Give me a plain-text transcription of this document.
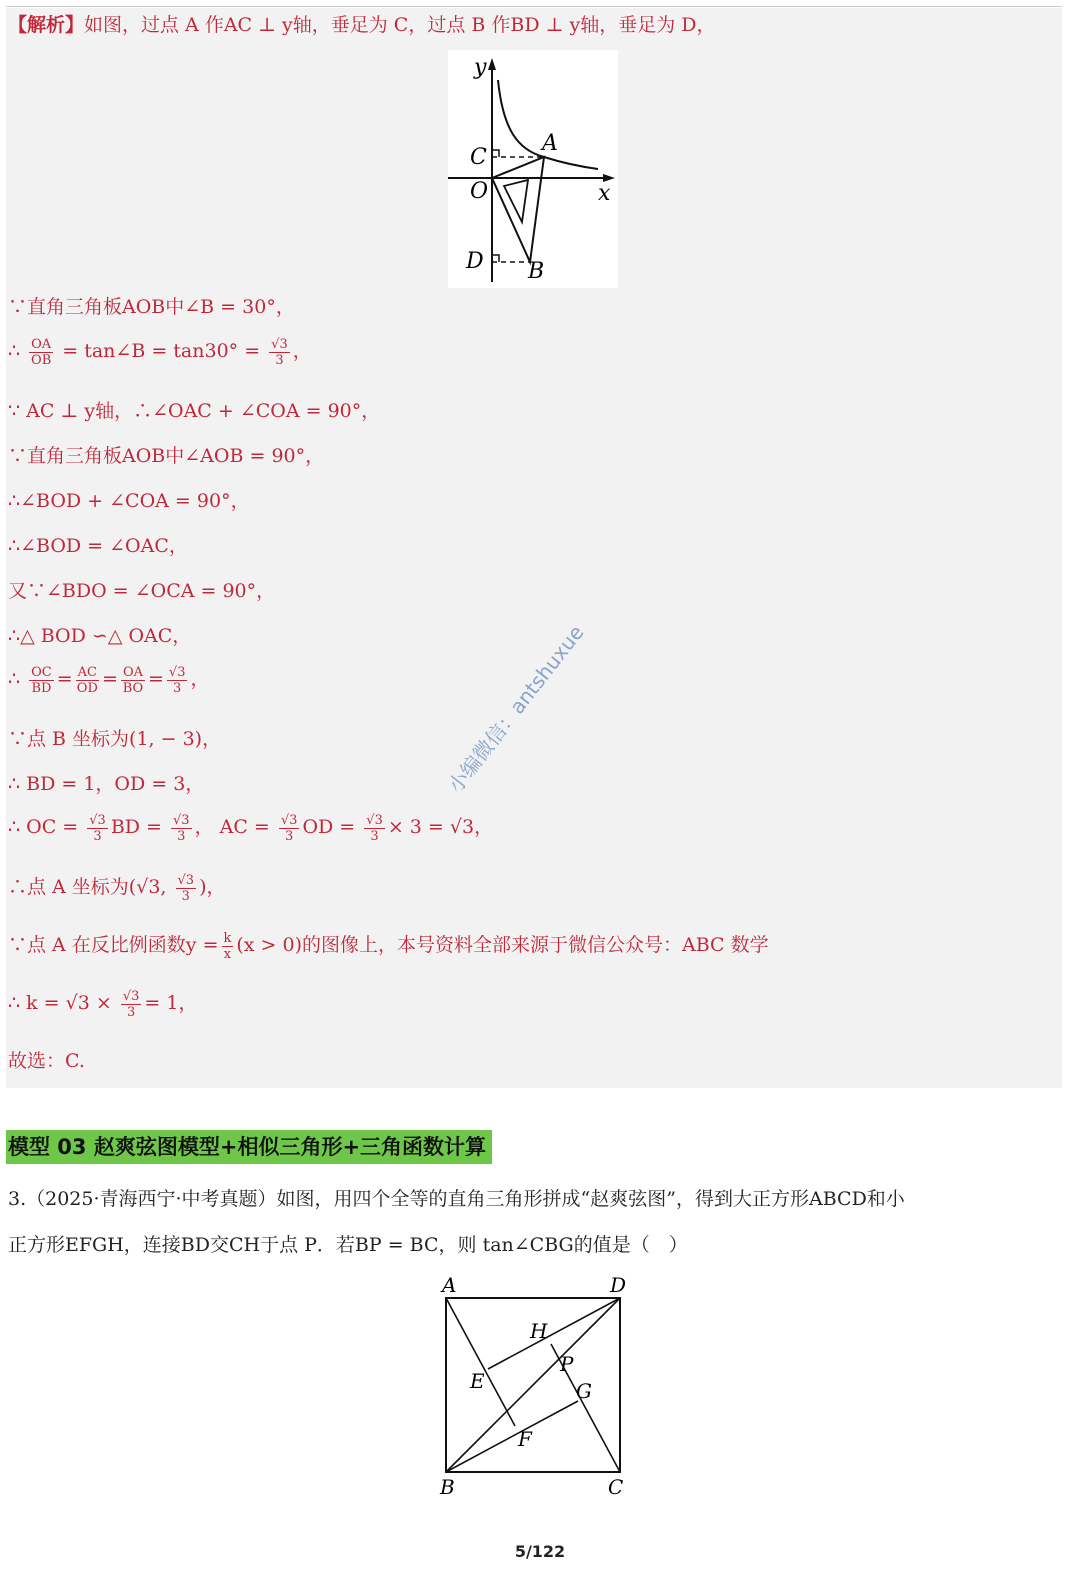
【解析】如图，过点 A 作AC ⊥ y轴，垂足为 C，过点 B 作BD ⊥ y轴，垂足为 D，
y
x
C
A
O
D B
∵直角三角板AOB中∠B = 30°，
∴ $\frac{OA}{OB}$ = tan∠B = $\tan 30^\circ = \frac{√3}{3}$ ，
∵ AC ⊥ y轴，∴∠OAC + ∠COA = 90°，
∵直角三角板AOB中∠AOB = 90°，
∴∠BOD + ∠COA = 90°，
∴∠BOD = ∠OAC，
又∵∠BDO = ∠OCA = 90°，
∴△ BOD ∽△ OAC，
∴ $\frac{OC}{BD} = \frac{AC}{OD} = \frac{OA}{BO} = \frac{√3}{3}$ ，
∵点 B 坐标为(1, − 3)，
∴ BD = 1，OD = 3，
∴ OC = $\frac{√3}{3}$ BD = $\frac{√3}{3}$ ， AC = $\frac{√3}{3}$ OD = $\frac{√3}{3} \times 3 = √3$，
∴点 A 坐标为(√3, $\frac{√3}{3}$ )，
∵点 A 在反比例函数$y = \frac{k}{x} (x > 0)$的图像上，本号资料全部来源于微信公众号：ABC 数学
∴ $k = √3 \times \frac{√3}{3} = 1$，
故选：C.
小编微信：antshuxue
模型 03 赵爽弦图模型+相似三角形+三角函数计算
3.（2025·青海西宁·中考真题）如图，用四个全等的直角三角形拼成“赵爽弦图”，得到大正方形ABCD和小
正方形EFGH，连接BD交CH于点 P．若BP = BC，则 tan∠CBG的值是（　）
A	D
H
P
E	G
F
B	C
5/122
